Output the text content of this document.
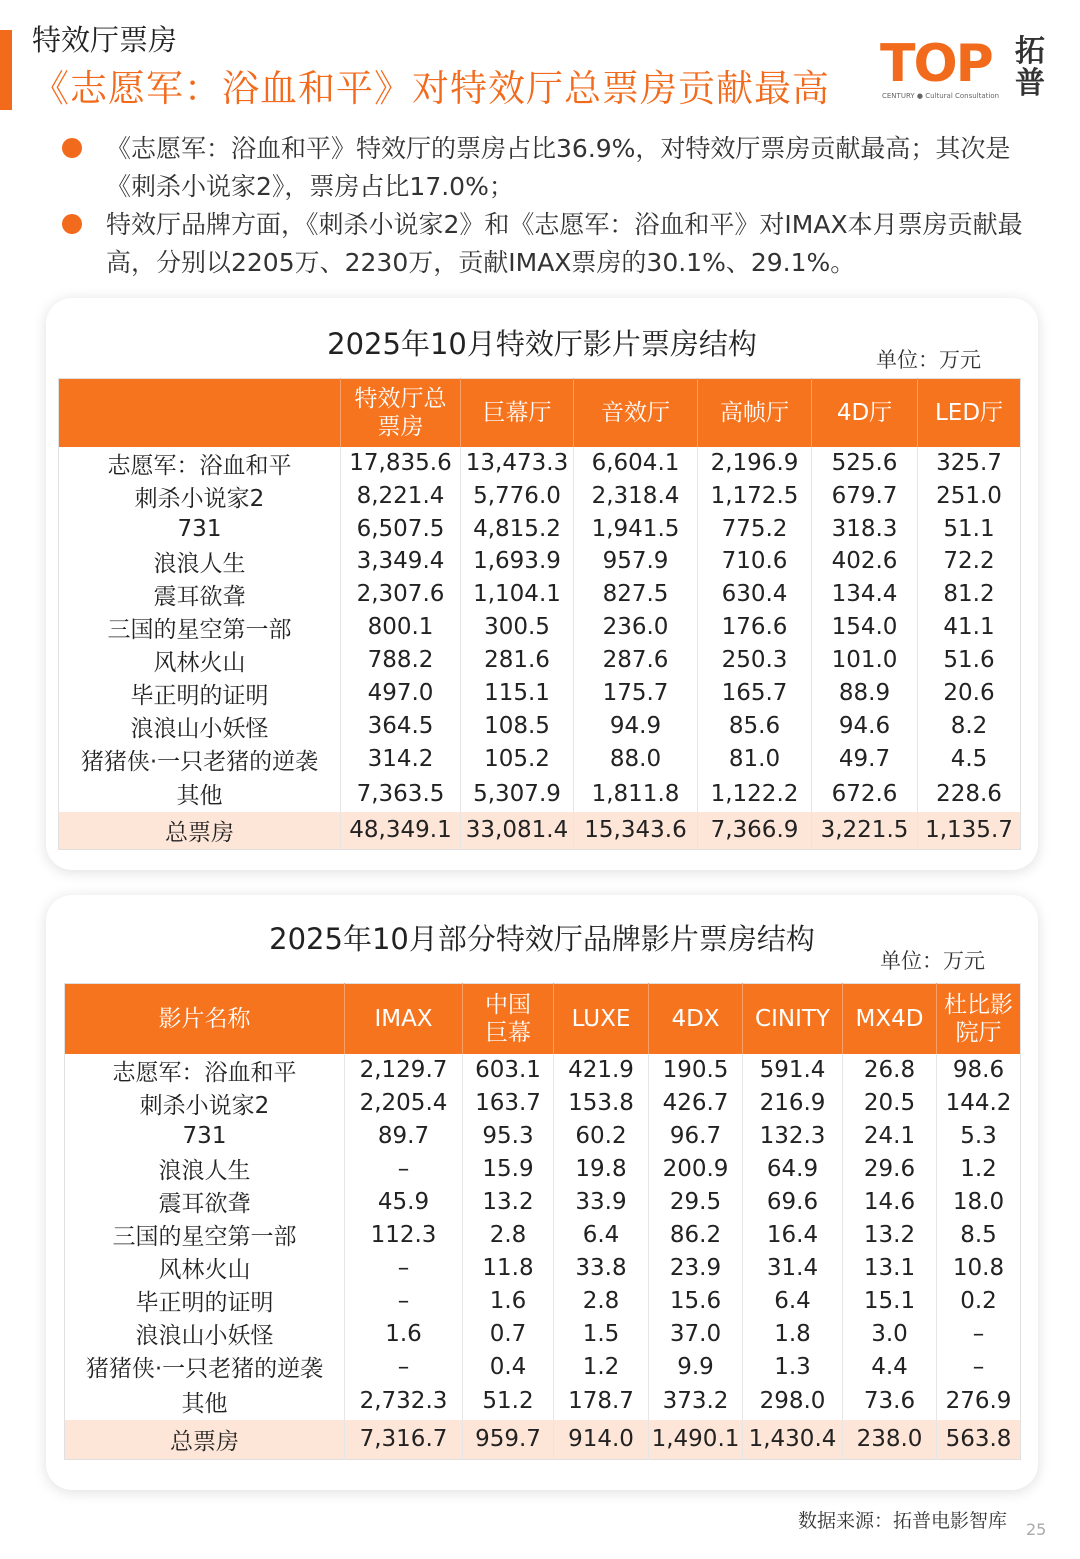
特效厅票房
《志愿军：浴血和平》对特效厅总票房贡献最高 TOP
CENTURY ● Cultural Consultation
拓普
《志愿军：浴血和平》特效厅的票房占比36.9%，对特效厅票房贡献最高；其次是《刺杀小说家2》，票房占比17.0%；
特效厅品牌方面，《刺杀小说家2》和《志愿军：浴血和平》对IMAX本月票房贡献最高，分别以2205万、2230万，贡献IMAX票房的30.1%、29.1%。
2025年10月特效厅影片票房结构	单位：万元
	特效厅总票房	巨幕厅	音效厅	高帧厅	4D厅	LED厅
志愿军：浴血和平	17,835.6	13,473.3	6,604.1	2,196.9	525.6	325.7
刺杀小说家2	8,221.4	5,776.0	2,318.4	1,172.5	679.7	251.0
731	6,507.5	4,815.2	1,941.5	775.2	318.3	51.1
浪浪人生	3,349.4	1,693.9	957.9	710.6	402.6	72.2
震耳欲聋	2,307.6	1,104.1	827.5	630.4	134.4	81.2
三国的星空第一部	800.1	300.5	236.0	176.6	154.0	41.1
风林火山	788.2	281.6	287.6	250.3	101.0	51.6
毕正明的证明	497.0	115.1	175.7	165.7	88.9	20.6
浪浪山小妖怪	364.5	108.5	94.9	85.6	94.6	8.2
猪猪侠·一只老猪的逆袭	314.2	105.2	88.0	81.0	49.7	4.5
其他	7,363.5	5,307.9	1,811.8	1,122.2	672.6	228.6
总票房	48,349.1	33,081.4	15,343.6	7,366.9	3,221.5	1,135.7
2025年10月部分特效厅品牌影片票房结构
单位：万元
影片名称	IMAX	中国巨幕	LUXE	4DX	CINITY	MX4D	杜比影院厅
志愿军：浴血和平	2,129.7	603.1	421.9	190.5	591.4	26.8	98.6
刺杀小说家2	2,205.4	163.7	153.8	426.7	216.9	20.5	144.2
731	89.7	95.3	60.2	96.7	132.3	24.1	5.3
浪浪人生	–	15.9	19.8	200.9	64.9	29.6	1.2
震耳欲聋	45.9	13.2	33.9	29.5	69.6	14.6	18.0
三国的星空第一部	112.3	2.8	6.4	86.2	16.4	13.2	8.5
风林火山	–	11.8	33.8	23.9	31.4	13.1	10.8
毕正明的证明	–	1.6	2.8	15.6	6.4	15.1	0.2
浪浪山小妖怪	1.6	0.7	1.5	37.0	1.8	3.0	–
猪猪侠·一只老猪的逆袭	–	0.4	1.2	9.9	1.3	4.4	–
其他	2,732.3	51.2	178.7	373.2	298.0	73.6	276.9
总票房	7,316.7	959.7	914.0	1,490.1	1,430.4	238.0	563.8
数据来源：拓普电影智库 25
